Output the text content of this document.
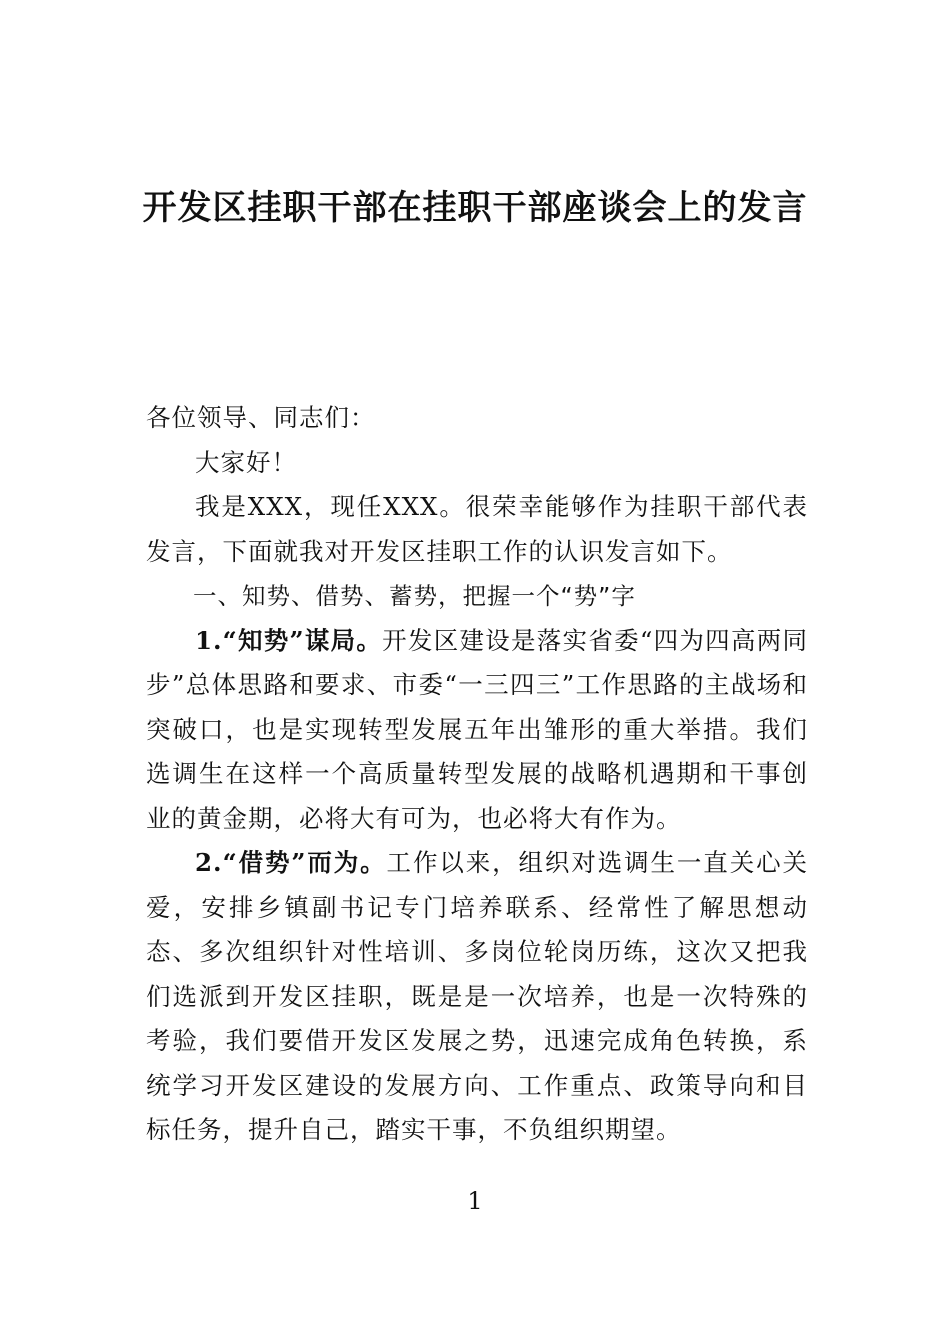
开发区挂职干部在挂职干部座谈会上的发言

各位领导、同志们：

大家好！

我是XXX，现任XXX。很荣幸能够作为挂职干部代表发言，下面就我对开发区挂职工作的认识发言如下。

一、知势、借势、蓄势，把握一个“势”字

1.“知势”谋局。开发区建设是落实省委“四为四高两同步”总体思路和要求、市委“一三四三”工作思路的主战场和突破口，也是实现转型发展五年出雏形的重大举措。我们选调生在这样一个高质量转型发展的战略机遇期和干事创业的黄金期，必将大有可为，也必将大有作为。

2.“借势”而为。工作以来，组织对选调生一直关心关爱，安排乡镇副书记专门培养联系、经常性了解思想动态、多次组织针对性培训、多岗位轮岗历练，这次又把我们选派到开发区挂职，既是是一次培养，也是一次特殊的考验，我们要借开发区发展之势，迅速完成角色转换，系统学习开发区建设的发展方向、工作重点、政策导向和目标任务，提升自己，踏实干事，不负组织期望。

1
